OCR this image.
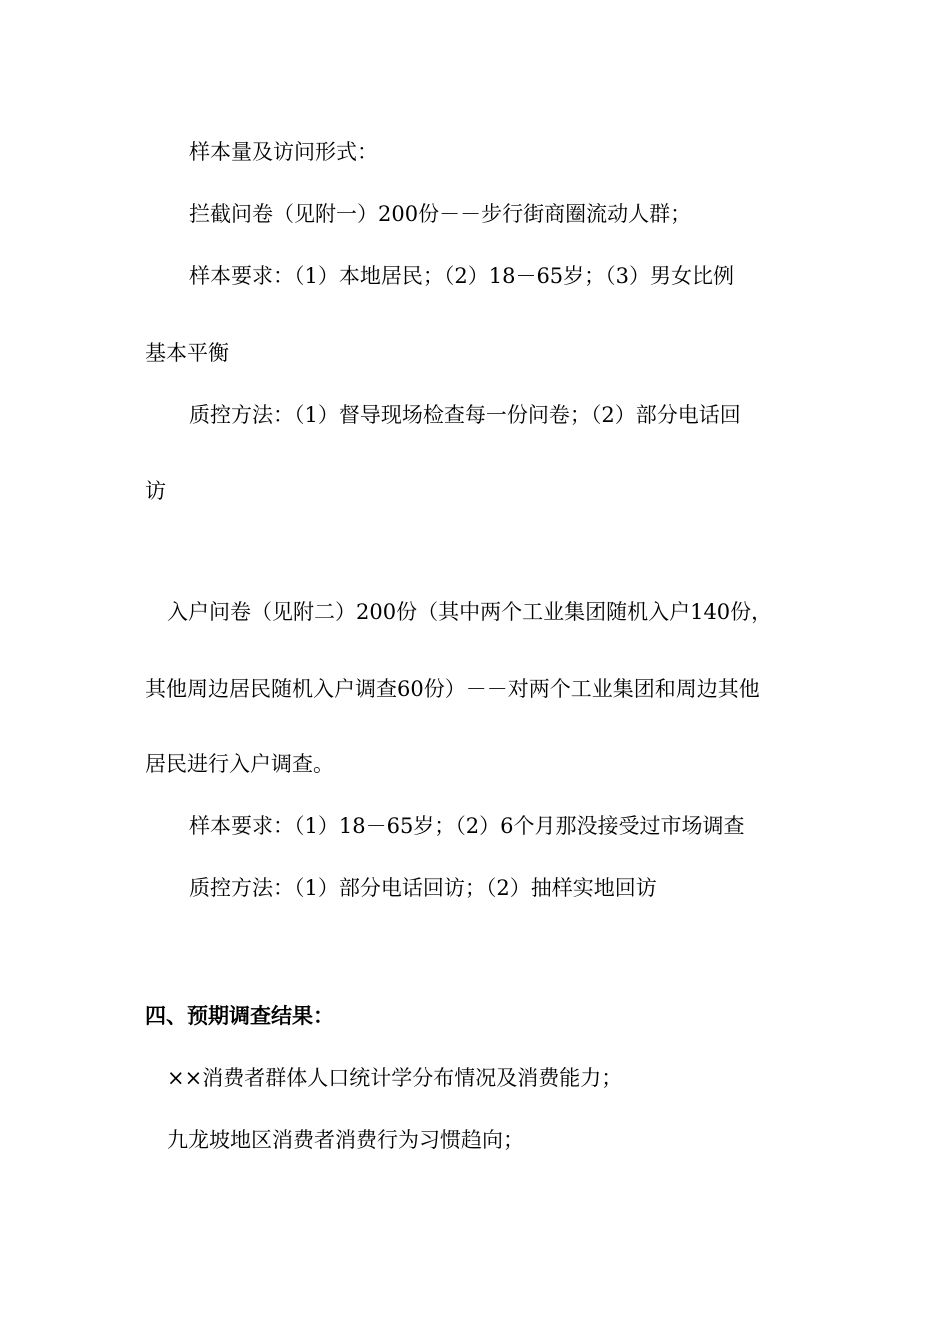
样本量及访问形式：
拦截问卷（见附一）200份－－步行街商圈流动人群；
样本要求：（1）本地居民；（2）18－65岁；（3）男女比例
基本平衡
质控方法：（1）督导现场检查每一份问卷；（2）部分电话回
访
入户问卷（见附二）200份（其中两个工业集团随机入户140份，
其他周边居民随机入户调查60份）－－对两个工业集团和周边其他
居民进行入户调查。
样本要求：（1）18－65岁；（2）6个月那没接受过市场调查
质控方法：（1）部分电话回访；（2）抽样实地回访
四、预期调查结果：
××消费者群体人口统计学分布情况及消费能力；
九龙坡地区消费者消费行为习惯趋向；
